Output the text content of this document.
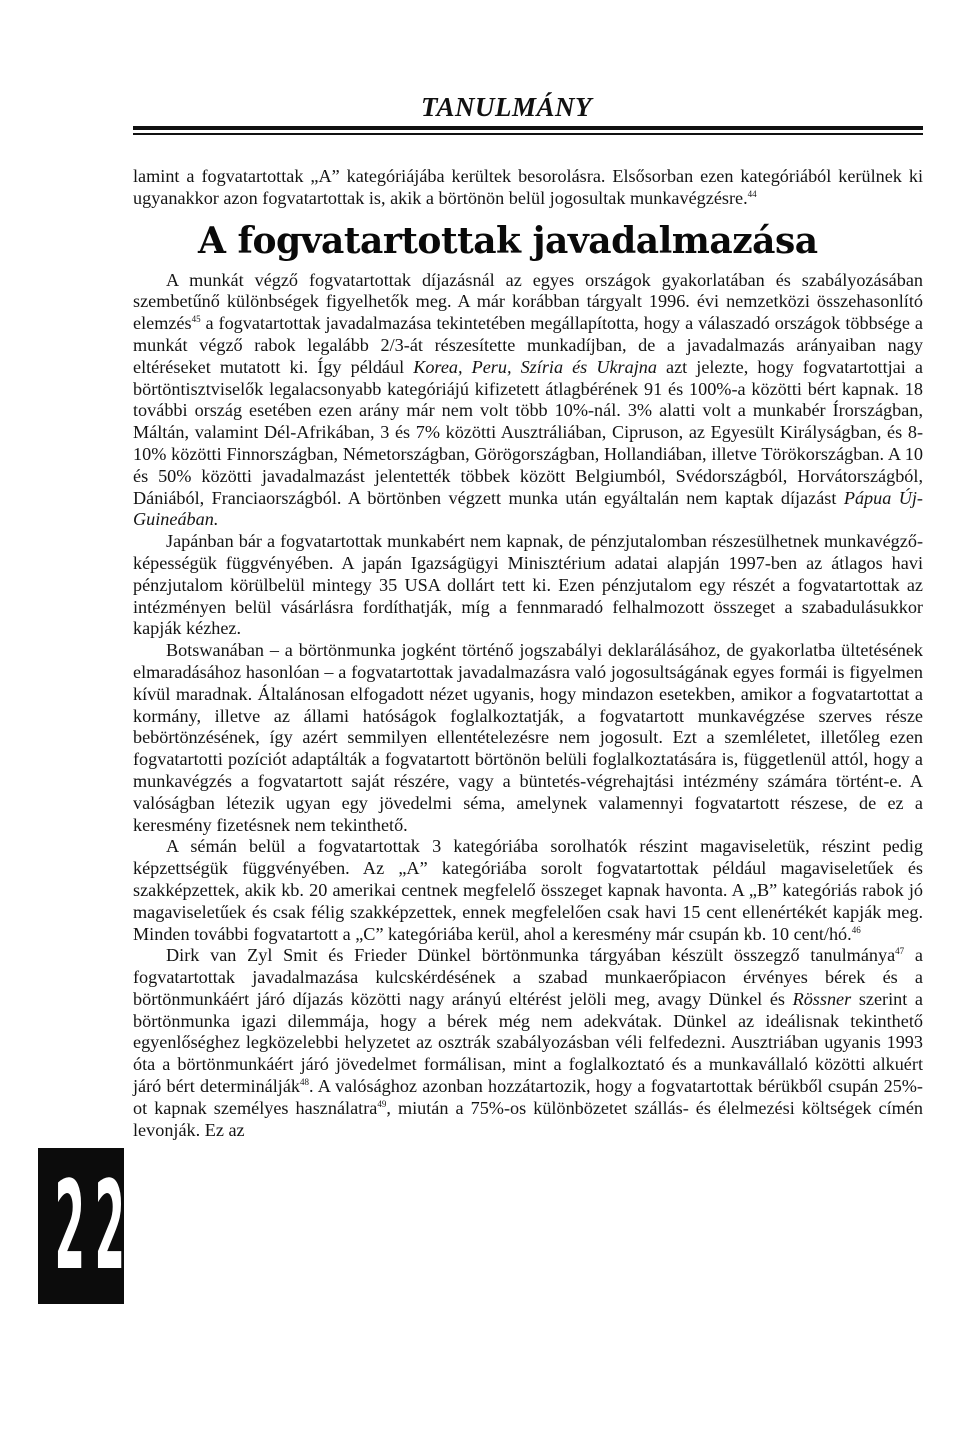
TANULMÁNY

lamint a fogvatartottak „A” kategóriájába kerültek besorolásra. Elsősorban ezen kategóriából kerülnek ki ugyanakkor azon fogvatartottak is, akik a börtönön belül jogosultak munkavégzésre.$^{44}$

A fogvatartottak javadalmazása

A munkát végző fogvatartottak díjazásnál az egyes országok gyakorlatában és szabályozásában szembetűnő különbségek figyelhetők meg. A már korábban tárgyalt 1996. évi nemzetközi összehasonlító elemzés$^{45}$ a fogvatartottak javadalmazása tekintetében megállapította, hogy a válaszadó országok többsége a munkát végző rabok legalább 2/3-át részesítette munkadíjban, de a javadalmazás arányaiban nagy eltéréseket mutatott ki. Így például Korea, Peru, Szíria és Ukrajna azt jelezte, hogy fogvatartottjai a börtöntisztviselők legalacsonyabb kategóriájú kifizetett átlagbérének 91 és 100%-a közötti bért kapnak. 18 további ország esetében ezen arány már nem volt több 10%-nál. 3% alatti volt a munkabér Írországban, Máltán, valamint Dél-Afrikában, 3 és 7% közötti Ausztráliában, Cipruson, az Egyesült Királyságban, és 8-10% közötti Finnországban, Németországban, Görögországban, Hollandiában, illetve Törökországban. A 10 és 50% közötti javadalmazást jelentették többek között Belgiumból, Svédországból, Horvátországból, Dániából, Franciaországból. A börtönben végzett munka után egyáltalán nem kaptak díjazást Pápua Új-Guineában.

Japánban bár a fogvatartottak munkabért nem kapnak, de pénzjutalomban részesülhetnek munkavégző-képességük függvényében. A japán Igazságügyi Minisztérium adatai alapján 1997-ben az átlagos havi pénzjutalom körülbelül mintegy 35 USA dollárt tett ki. Ezen pénzjutalom egy részét a fogvatartottak az intézményen belül vásárlásra fordíthatják, míg a fennmaradó felhalmozott összeget a szabadulásukkor kapják kézhez.

Botswanában – a börtönmunka jogként történő jogszabályi deklarálásához, de gyakorlatba ültetésének elmaradásához hasonlóan – a fogvatartottak javadalmazásra való jogosultságának egyes formái is figyelmen kívül maradnak. Általánosan elfogadott nézet ugyanis, hogy mindazon esetekben, amikor a fogvatartottat a kormány, illetve az állami hatóságok foglalkoztatják, a fogvatartott munkavégzése szerves része bebörtönzésének, így azért semmilyen ellentételezésre nem jogosult. Ezt a szemléletet, illetőleg ezen fogvatartotti pozíciót adaptálták a fogvatartott börtönön belüli foglalkoztatására is, függetlenül attól, hogy a munkavégzés a fogvatartott saját részére, vagy a büntetés-végrehajtási intézmény számára történt-e. A valóságban létezik ugyan egy jövedelmi séma, amelynek valamennyi fogvatartott részese, de ez a keresmény fizetésnek nem tekinthető.

A sémán belül a fogvatartottak 3 kategóriába sorolhatók részint magaviseletük, részint pedig képzettségük függvényében. Az „A” kategóriába sorolt fogvatartottak például magaviseletűek és szakképzettek, akik kb. 20 amerikai centnek megfelelő összeget kapnak havonta. A „B” kategóriás rabok jó magaviseletűek és csak félig szakképzettek, ennek megfelelően csak havi 15 cent ellenértékét kapják meg. Minden további fogvatartott a „C” kategóriába kerül, ahol a keresmény már csupán kb. 10 cent/hó.$^{46}$

Dirk van Zyl Smit és Frieder Dünkel börtönmunka tárgyában készült összegző tanulmánya$^{47}$ a fogvatartottak javadalmazása kulcskérdésének a szabad munkaerőpiacon érvényes bérek és a börtönmunkáért járó díjazás közötti nagy arányú eltérést jelöli meg, avagy Dünkel és Rössner szerint a börtönmunka igazi dilemmája, hogy a bérek még nem adekvátak. Dünkel az ideálisnak tekinthető egyenlőséghez legközelebbi helyzetet az osztrák szabályozásban véli felfedezni. Ausztriában ugyanis 1993 óta a börtönmunkáért járó jövedelmet formálisan, mint a foglalkoztató és a munkavállaló közötti alkuért járó bért determinálják$^{48}$. A valósághoz azonban hozzátartozik, hogy a fogvatartottak bérükből csupán 25%-ot kapnak személyes használatra$^{49}$, miután a 75%-os különbözetet szállás- és élelmezési költségek címén levonják. Ez az

2 2
